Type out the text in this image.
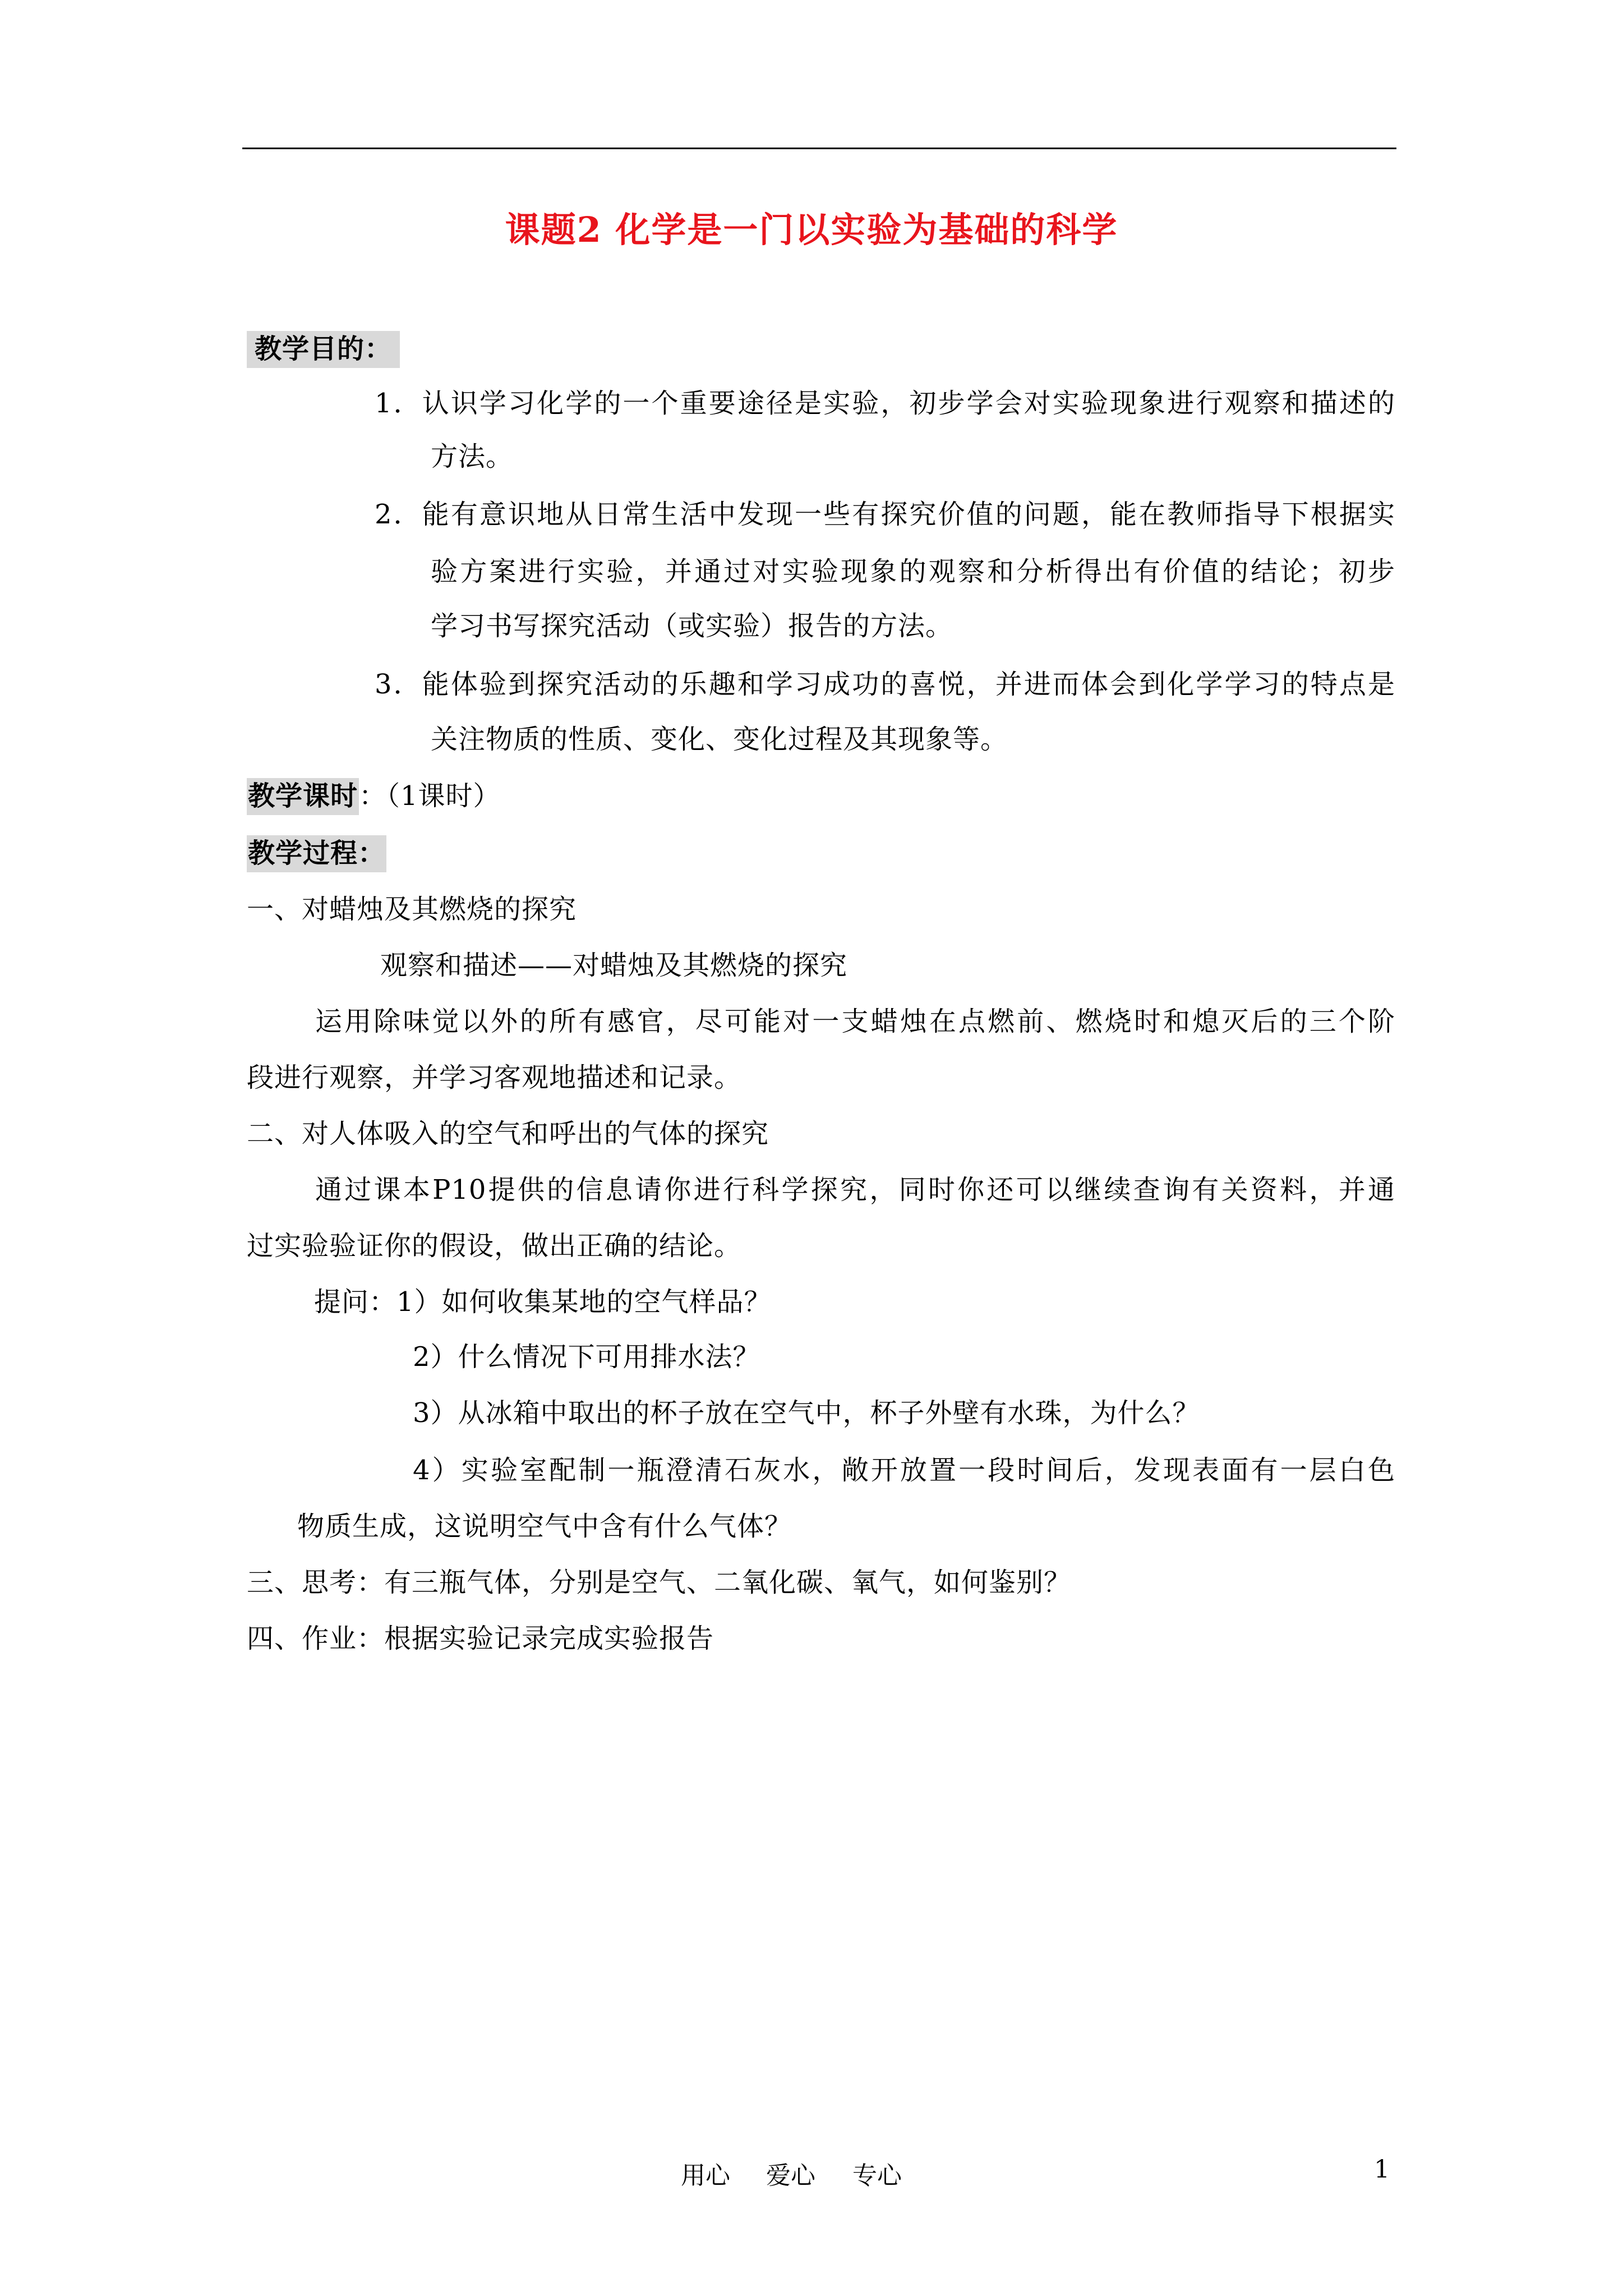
课题2 化学是一门以实验为基础的科学
教学目的：
1．认识学习化学的一个重要途径是实验，初步学会对实验现象进行观察和描述的
方法。
2．能有意识地从日常生活中发现一些有探究价值的问题，能在教师指导下根据实
验方案进行实验，并通过对实验现象的观察和分析得出有价值的结论；初步
学习书写探究活动（或实验）报告的方法。
3．能体验到探究活动的乐趣和学习成功的喜悦，并进而体会到化学学习的特点是
关注物质的性质、变化、变化过程及其现象等。
教学课时：（1课时）
教学过程：
一、对蜡烛及其燃烧的探究
观察和描述——对蜡烛及其燃烧的探究
运用除味觉以外的所有感官，尽可能对一支蜡烛在点燃前、燃烧时和熄灭后的三个阶
段进行观察，并学习客观地描述和记录。
二、对人体吸入的空气和呼出的气体的探究
通过课本P10提供的信息请你进行科学探究，同时你还可以继续查询有关资料，并通
过实验验证你的假设，做出正确的结论。
提问：1）如何收集某地的空气样品？
2）什么情况下可用排水法？
3）从冰箱中取出的杯子放在空气中，杯子外壁有水珠，为什么？
4）实验室配制一瓶澄清石灰水，敞开放置一段时间后，发现表面有一层白色
物质生成，这说明空气中含有什么气体？
三、思考：有三瓶气体，分别是空气、二氧化碳、氧气，如何鉴别？
四、作业：根据实验记录完成实验报告
用心 爱心 专心	1
